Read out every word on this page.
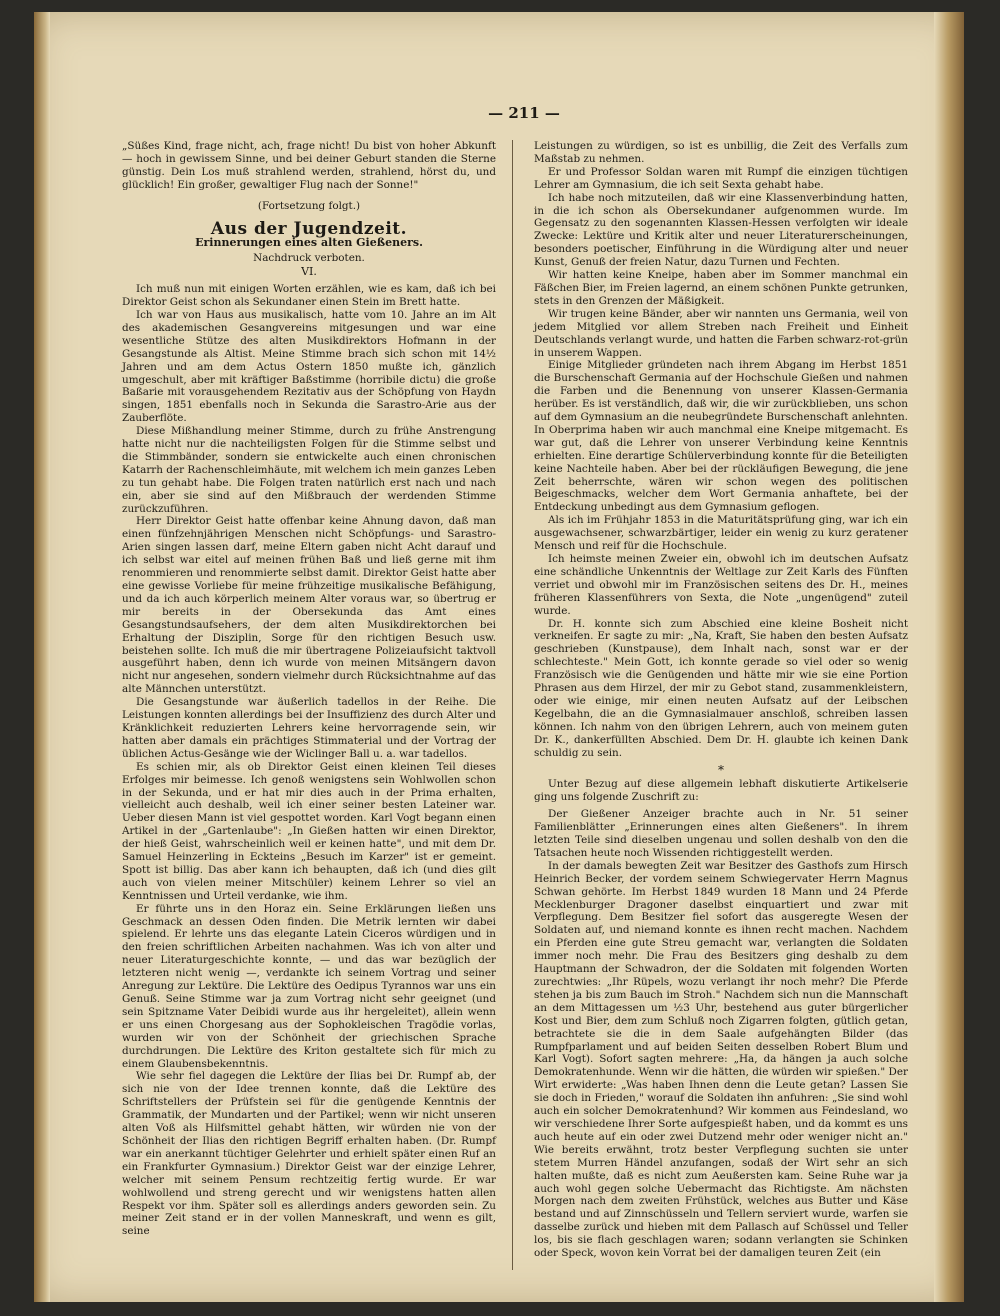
— 211 —

„Süßes Kind, frage nicht, ach, frage nicht! Du bist von hoher Abkunft — hoch in gewissem Sinne, und bei deiner Geburt standen die Sterne günstig. Dein Los muß strahlend werden, strahlend, hörst du, und glücklich! Ein großer, gewaltiger Flug nach der Sonne!"

(Fortsetzung folgt.)
Aus der Jugendzeit.
Erinnerungen eines alten Gießeners.
Nachdruck verboten.
VI.

Ich muß nun mit einigen Worten erzählen, wie es kam, daß ich bei Direktor Geist schon als Sekundaner einen Stein im Brett hatte.

Ich war von Haus aus musikalisch, hatte vom 10. Jahre an im Alt des akademischen Gesangvereins mitgesungen und war eine wesentliche Stütze des alten Musikdirektors Hofmann in der Gesangstunde als Altist. Meine Stimme brach sich schon mit 14½ Jahren und am dem Actus Ostern 1850 mußte ich, gänzlich umgeschult, aber mit kräftiger Baßstimme (horribile dictu) die große Baßarie mit vorausgehendem Rezitativ aus der Schöpfung von Haydn singen, 1851 ebenfalls noch in Sekunda die Sarastro-Arie aus der Zauberflöte.

Diese Mißhandlung meiner Stimme, durch zu frühe Anstrengung hatte nicht nur die nachteiligsten Folgen für die Stimme selbst und die Stimmbänder, sondern sie entwickelte auch einen chronischen Katarrh der Rachenschleimhäute, mit welchem ich mein ganzes Leben zu tun gehabt habe. Die Folgen traten natürlich erst nach und nach ein, aber sie sind auf den Mißbrauch der werdenden Stimme zurückzuführen.

Herr Direktor Geist hatte offenbar keine Ahnung davon, daß man einen fünfzehnjährigen Menschen nicht Schöpfungs- und Sarastro-Arien singen lassen darf, meine Eltern gaben nicht Acht darauf und ich selbst war eitel auf meinen frühen Baß und ließ gerne mit ihm renommieren und renommierte selbst damit. Direktor Geist hatte aber eine gewisse Vorliebe für meine frühzeitige musikalische Befähigung, und da ich auch körperlich meinem Alter voraus war, so übertrug er mir bereits in der Obersekunda das Amt eines Gesangstundsaufsehers, der dem alten Musikdirektorchen bei Erhaltung der Disziplin, Sorge für den richtigen Besuch usw. beistehen sollte. Ich muß die mir übertragene Polizeiaufsicht taktvoll ausgeführt haben, denn ich wurde von meinen Mitsängern davon nicht nur angesehen, sondern vielmehr durch Rücksichtnahme auf das alte Männchen unterstützt.

Die Gesangstunde war äußerlich tadellos in der Reihe. Die Leistungen konnten allerdings bei der Insuffizienz des durch Alter und Kränklichkeit reduzierten Lehrers keine hervorragende sein, wir hatten aber damals ein prächtiges Stimmaterial und der Vortrag der üblichen Actus-Gesänge wie der Wiclinger Ball u. a. war tadellos.

Es schien mir, als ob Direktor Geist einen kleinen Teil dieses Erfolges mir beimesse. Ich genoß wenigstens sein Wohlwollen schon in der Sekunda, und er hat mir dies auch in der Prima erhalten, vielleicht auch deshalb, weil ich einer seiner besten Lateiner war. Ueber diesen Mann ist viel gespottet worden. Karl Vogt begann einen Artikel in der „Gartenlaube": „In Gießen hatten wir einen Direktor, der hieß Geist, wahrscheinlich weil er keinen hatte", und mit dem Dr. Samuel Heinzerling in Eckteins „Besuch im Karzer" ist er gemeint. Spott ist billig. Das aber kann ich behaupten, daß ich (und dies gilt auch von vielen meiner Mitschüler) keinem Lehrer so viel an Kenntnissen und Urteil verdanke, wie ihm.

Er führte uns in den Horaz ein. Seine Erklärungen ließen uns Geschmack an dessen Oden finden. Die Metrik lernten wir dabei spielend. Er lehrte uns das elegante Latein Ciceros würdigen und in den freien schriftlichen Arbeiten nachahmen. Was ich von alter und neuer Literaturgeschichte konnte, — und das war bezüglich der letzteren nicht wenig —, verdankte ich seinem Vortrag und seiner Anregung zur Lektüre. Die Lektüre des Oedipus Tyrannos war uns ein Genuß. Seine Stimme war ja zum Vortrag nicht sehr geeignet (und sein Spitzname Vater Deibidi wurde aus ihr hergeleitet), allein wenn er uns einen Chorgesang aus der Sophokleischen Tragödie vorlas, wurden wir von der Schönheit der griechischen Sprache durchdrungen. Die Lektüre des Kriton gestaltete sich für mich zu einem Glaubensbekenntnis.

Wie sehr fiel dagegen die Lektüre der Ilias bei Dr. Rumpf ab, der sich nie von der Idee trennen konnte, daß die Lektüre des Schriftstellers der Prüfstein sei für die genügende Kenntnis der Grammatik, der Mundarten und der Partikel; wenn wir nicht unseren alten Voß als Hilfsmittel gehabt hätten, wir würden nie von der Schönheit der Ilias den richtigen Begriff erhalten haben. (Dr. Rumpf war ein anerkannt tüchtiger Gelehrter und erhielt später einen Ruf an ein Frankfurter Gymnasium.) Direktor Geist war der einzige Lehrer, welcher mit seinem Pensum rechtzeitig fertig wurde. Er war wohlwollend und streng gerecht und wir wenigstens hatten allen Respekt vor ihm. Später soll es allerdings anders geworden sein. Zu meiner Zeit stand er in der vollen Manneskraft, und wenn es gilt, seine

Leistungen zu würdigen, so ist es unbillig, die Zeit des Verfalls zum Maßstab zu nehmen.

Er und Professor Soldan waren mit Rumpf die einzigen tüchtigen Lehrer am Gymnasium, die ich seit Sexta gehabt habe.

Ich habe noch mitzuteilen, daß wir eine Klassenverbindung hatten, in die ich schon als Obersekundaner aufgenommen wurde. Im Gegensatz zu den sogenannten Klassen-Hessen verfolgten wir ideale Zwecke: Lektüre und Kritik alter und neuer Literaturerscheinungen, besonders poetischer, Einführung in die Würdigung alter und neuer Kunst, Genuß der freien Natur, dazu Turnen und Fechten.

Wir hatten keine Kneipe, haben aber im Sommer manchmal ein Fäßchen Bier, im Freien lagernd, an einem schönen Punkte getrunken, stets in den Grenzen der Mäßigkeit.

Wir trugen keine Bänder, aber wir nannten uns Germania, weil von jedem Mitglied vor allem Streben nach Freiheit und Einheit Deutschlands verlangt wurde, und hatten die Farben schwarz-rot-grün in unserem Wappen.

Einige Mitglieder gründeten nach ihrem Abgang im Herbst 1851 die Burschenschaft Germania auf der Hochschule Gießen und nahmen die Farben und die Benennung von unserer Klassen-Germania herüber. Es ist verständlich, daß wir, die wir zurückblieben, uns schon auf dem Gymnasium an die neubegründete Burschenschaft anlehnten. In Oberprima haben wir auch manchmal eine Kneipe mitgemacht. Es war gut, daß die Lehrer von unserer Verbindung keine Kenntnis erhielten. Eine derartige Schülerverbindung konnte für die Beteiligten keine Nachteile haben. Aber bei der rückläufigen Bewegung, die jene Zeit beherrschte, wären wir schon wegen des politischen Beigeschmacks, welcher dem Wort Germania anhaftete, bei der Entdeckung unbedingt aus dem Gymnasium geflogen.

Als ich im Frühjahr 1853 in die Maturitätsprüfung ging, war ich ein ausgewachsener, schwarzbärtiger, leider ein wenig zu kurz geratener Mensch und reif für die Hochschule.

Ich heimste meinen Zweier ein, obwohl ich im deutschen Aufsatz eine schändliche Unkenntnis der Weltlage zur Zeit Karls des Fünften verriet und obwohl mir im Französischen seitens des Dr. H., meines früheren Klassenführers von Sexta, die Note „ungenügend" zuteil wurde.

Dr. H. konnte sich zum Abschied eine kleine Bosheit nicht verkneifen. Er sagte zu mir: „Na, Kraft, Sie haben den besten Aufsatz geschrieben (Kunstpause), dem Inhalt nach, sonst war er der schlechteste." Mein Gott, ich konnte gerade so viel oder so wenig Französisch wie die Genügenden und hätte mir wie sie eine Portion Phrasen aus dem Hirzel, der mir zu Gebot stand, zusammenkleistern, oder wie einige, mir einen neuten Aufsatz auf der Leibschen Kegelbahn, die an die Gymnasialmauer anschloß, schreiben lassen können. Ich nahm von den übrigen Lehrern, auch von meinem guten Dr. K., dankerfüllten Abschied. Dem Dr. H. glaubte ich keinen Dank schuldig zu sein.

*

Unter Bezug auf diese allgemein lebhaft diskutierte Artikelserie ging uns folgende Zuschrift zu:

Der Gießener Anzeiger brachte auch in Nr. 51 seiner Familienblätter „Erinnerungen eines alten Gießeners". In ihrem letzten Teile sind dieselben ungenau und sollen deshalb von den die Tatsachen heute noch Wissenden richtiggestellt werden.

In der damals bewegten Zeit war Besitzer des Gasthofs zum Hirsch Heinrich Becker, der vordem seinem Schwiegervater Herrn Magnus Schwan gehörte. Im Herbst 1849 wurden 18 Mann und 24 Pferde Mecklenburger Dragoner daselbst einquartiert und zwar mit Verpflegung. Dem Besitzer fiel sofort das ausgeregte Wesen der Soldaten auf, und niemand konnte es ihnen recht machen. Nachdem ein Pferden eine gute Streu gemacht war, verlangten die Soldaten immer noch mehr. Die Frau des Besitzers ging deshalb zu dem Hauptmann der Schwadron, der die Soldaten mit folgenden Worten zurechtwies: „Ihr Rüpels, wozu verlangt ihr noch mehr? Die Pferde stehen ja bis zum Bauch im Stroh." Nachdem sich nun die Mannschaft an dem Mittagessen um ½3 Uhr, bestehend aus guter bürgerlicher Kost und Bier, dem zum Schluß noch Zigarren folgten, gütlich getan, betrachtete sie die in dem Saale aufgehängten Bilder (das Rumpfparlament und auf beiden Seiten desselben Robert Blum und Karl Vogt). Sofort sagten mehrere: „Ha, da hängen ja auch solche Demokratenhunde. Wenn wir die hätten, die würden wir spießen." Der Wirt erwiderte: „Was haben Ihnen denn die Leute getan? Lassen Sie sie doch in Frieden," worauf die Soldaten ihn anfuhren: „Sie sind wohl auch ein solcher Demokratenhund? Wir kommen aus Feindesland, wo wir verschiedene Ihrer Sorte aufgespießt haben, und da kommt es uns auch heute auf ein oder zwei Dutzend mehr oder weniger nicht an." Wie bereits erwähnt, trotz bester Verpflegung suchten sie unter stetem Murren Händel anzufangen, sodaß der Wirt sehr an sich halten mußte, daß es nicht zum Aeußersten kam. Seine Ruhe war ja auch wohl gegen solche Uebermacht das Richtigste. Am nächsten Morgen nach dem zweiten Frühstück, welches aus Butter und Käse bestand und auf Zinnschüsseln und Tellern serviert wurde, warfen sie dasselbe zurück und hieben mit dem Pallasch auf Schüssel und Teller los, bis sie flach geschlagen waren; sodann verlangten sie Schinken oder Speck, wovon kein Vorrat bei der damaligen teuren Zeit (ein
